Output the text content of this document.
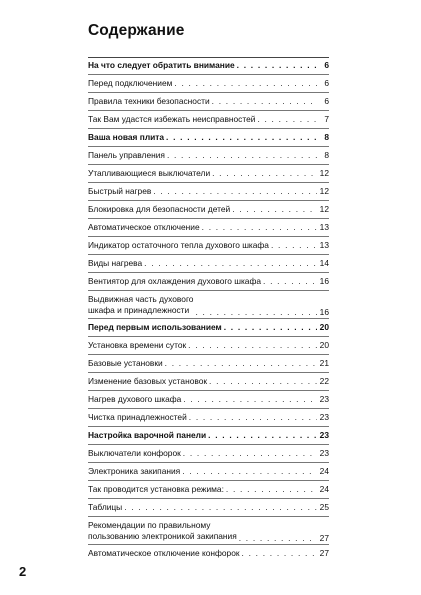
Содержание
На что следует обратить внимание . . .	6
Перед подключением . . .	6
Правила техники безопасности . . .	6
Так Вам удастся избежать неисправностей . . .	7
Ваша новая плита . . .	8
Панель управления . . .	8
Утапливающиеся выключатели . . .	12
Быстрый нагрев . . .	12
Блокировка для безопасности детей . . .	12
Автоматическое отключение . . .	13
Индикатор остаточного тепла духового шкафа . . .	13
Виды нагрева . . .	14
Вентиятор для охлаждения духового шкафа . . .	16
Выдвижная часть духового
шкафа и принадлежности . . .	16
Перед первым использованием . . .	20
Установка времени суток . . .	20
Базовые установки . . .	21
Изменение базовых установок . . .	22
Нагрев духового шкафа . . .	23
Чистка принадлежностей . . .	23
Настройка варочной панели . . .	23
Выключатели конфорок . . .	23
Электроника закипания . . .	24
Так проводится установка режима: . . .	24
Таблицы . . .	25
Рекомендации по правильному
пользованию электроникой закипания . . .	27
Автоматическое отключение конфорок . . .	27
2
